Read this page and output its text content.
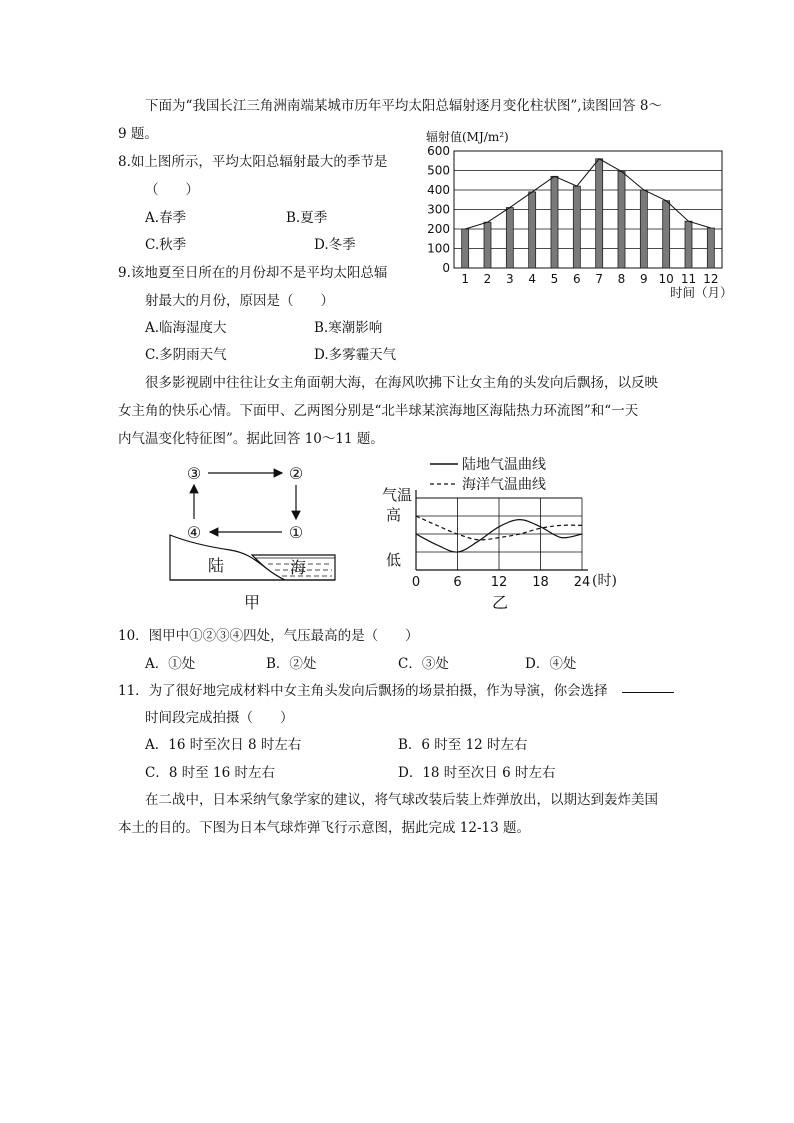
下面为“我国长江三角洲南端某城市历年平均太阳总辐射逐月变化柱状图”,读图回答 8～
9 题。
8.如上图所示，平均太阳总辐射最大的季节是
（　　）
A.春季	B.夏季
C.秋季	D.冬季
9.该地夏至日所在的月份却不是平均太阳总辐
射最大的月份，原因是（　　）
A.临海湿度大	B.寒潮影响
C.多阴雨天气	D.多雾霾天气
辐射值(MJ/m²)
时间（月）
0
100
200
300
400
500
600
1 2 3 4 5 6 7 8 9 10 11 12
很多影视剧中往往让女主角面朝大海，在海风吹拂下让女主角的头发向后飘扬，以反映
女主角的快乐心情。下面甲、乙两图分别是“北半球某滨海地区海陆热力环流图”和“一天
内气温变化特征图”。据此回答 10～11 题。
③	②
④	①
陆	海
甲
陆地气温曲线
海洋气温曲线
气温
高
低
(时)
乙
0	6 12 18 24
10．图甲中①②③④四处，气压最高的是（　　）
A．①处	B．②处	C．③处	D．④处
11．为了很好地完成材料中女主角头发向后飘扬的场景拍摄，作为导演，你会选择
时间段完成拍摄（　　）
A．16 时至次日 8 时左右	B．6 时至 12 时左右
C．8 时至 16 时左右	D．18 时至次日 6 时左右
在二战中，日本采纳气象学家的建议，将气球改装后装上炸弹放出，以期达到轰炸美国
本土的目的。下图为日本气球炸弹飞行示意图，据此完成 12-13 题。
